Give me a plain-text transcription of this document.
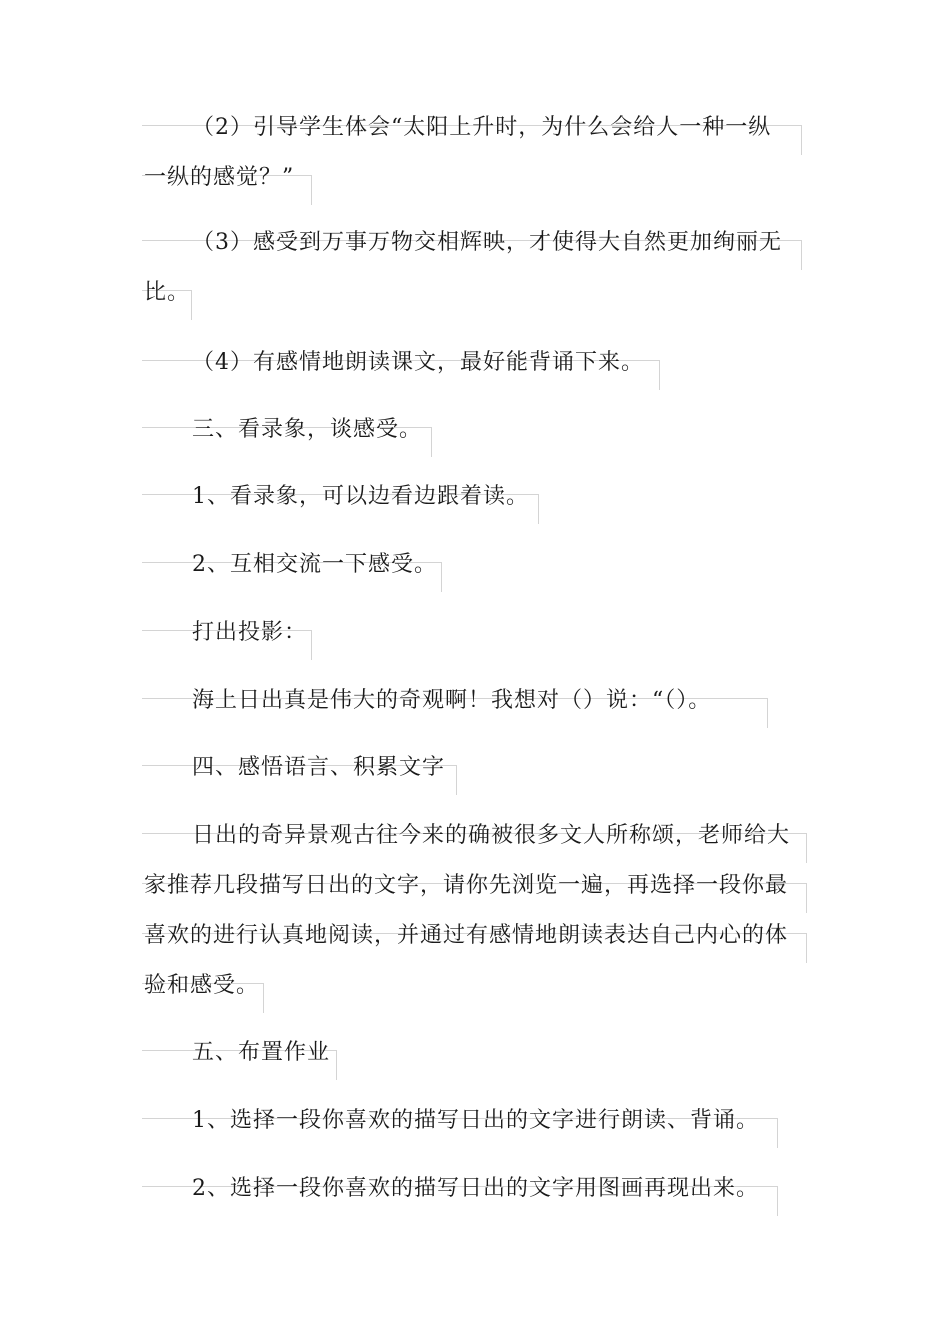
（2）引导学生体会“太阳上升时，为什么会给人一种一纵
一纵的感觉？”
（3）感受到万事万物交相辉映，才使得大自然更加绚丽无
比。
（4）有感情地朗读课文，最好能背诵下来。
三、看录象，谈感受。
1、看录象，可以边看边跟着读。
2、互相交流一下感受。
打出投影：
海上日出真是伟大的奇观啊！我想对（）说：“（）。
四、感悟语言、积累文字
日出的奇异景观古往今来的确被很多文人所称颂，老师给大
家推荐几段描写日出的文字，请你先浏览一遍，再选择一段你最
喜欢的进行认真地阅读，并通过有感情地朗读表达自己内心的体
验和感受。
五、布置作业
1、选择一段你喜欢的描写日出的文字进行朗读、背诵。
2、选择一段你喜欢的描写日出的文字用图画再现出来。
